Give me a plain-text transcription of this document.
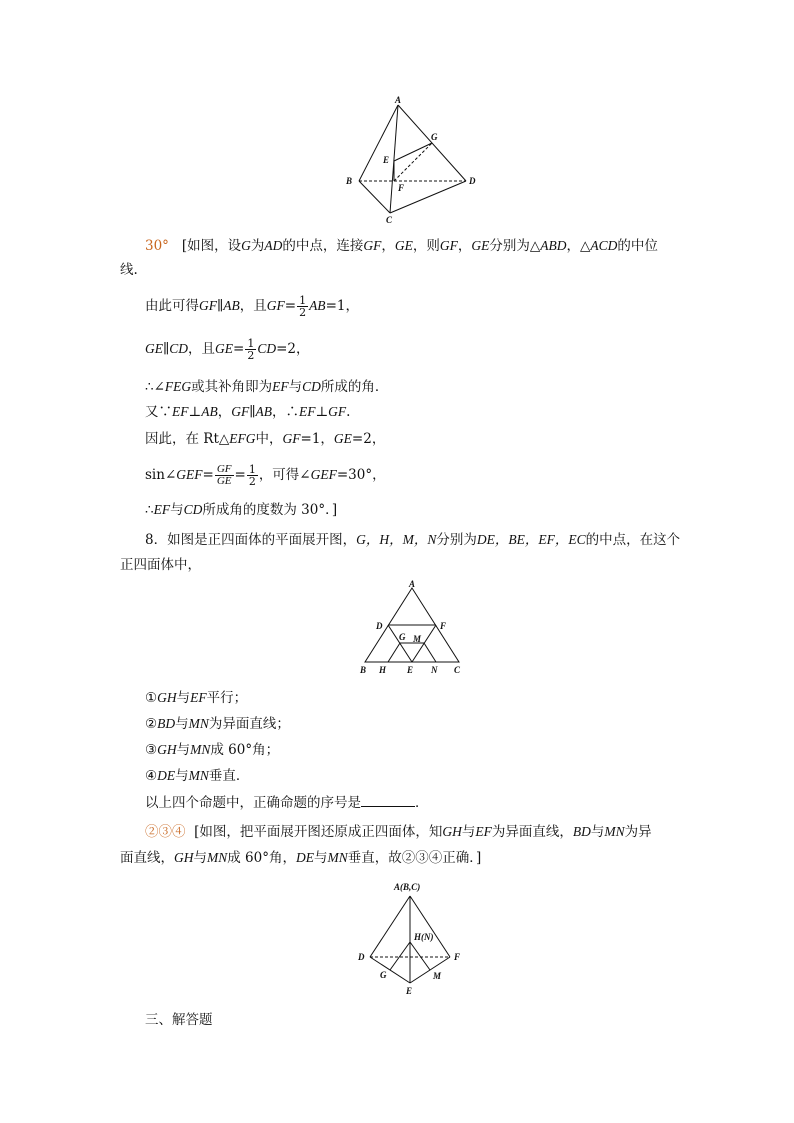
A
B
C
D
E
F
G
30° [如图，设G为AD的中点，连接GF，GE，则GF，GE分别为△ABD，△ACD的中位
线.
由此可得GF∥AB，且$GF= \frac{1}{2} AB=1$，
GE∥CD，且$GE= \frac{1}{2} CD=2$，
∴∠FEG或其补角即为EF与CD所成的角．
又∵EF⊥AB，GF∥AB，∴EF⊥GF.
因此，在 Rt△EFG中，GF=1，GE=2，
sin∠GEF= $\frac{GF}{GE} = \frac{1}{2}$ ，可得∠GEF=30°，
∴EF与CD所成角的度数为 30°．]
8．如图是正四面体的平面展开图，G，H，M，N分别为DE，BE，EF，EC的中点，在这个
正四面体中，
A
D	F
G M
B H E N C
①GH与EF平行；
②BD与MN为异面直线；
③GH与MN成 60°角；
④DE与MN垂直．
以上四个命题中，正确命题的序号是	．
②③④ [如图，把平面展开图还原成正四面体，知GH与EF为异面直线，BD与MN为异
面直线，GH与MN成 60°角，DE与MN垂直，故②③④正确．]
A(B,C)
H(N)
D	F
G	M
E
三、解答题
